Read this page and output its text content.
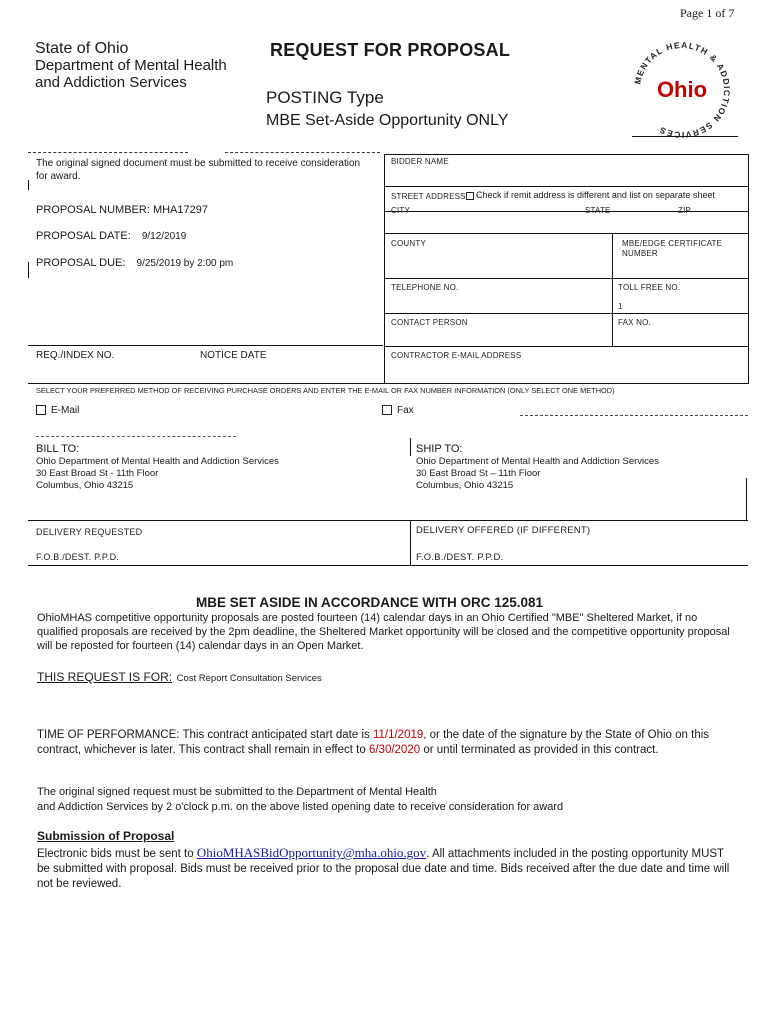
Page 1 of 7
State of Ohio
Department of Mental Health
and Addiction Services
REQUEST FOR PROPOSAL
POSTING Type
MBE Set-Aside Opportunity ONLY
MENTAL HEALTH & ADDICTION SERVICES
Ohio
The original signed document must be submitted to receive consideration for award.
PROPOSAL NUMBER: MHA17297
PROPOSAL DATE: 9/12/2019
PROPOSAL DUE: 9/25/2019 by 2:00 pm
REQ./INDEX NO.	NOTICE DATE
BIDDER NAME
STREET ADDRESS	Check if remit address is different and list on separate sheet
CITY	STATE	ZIP
COUNTY	MBE/EDGE CERTIFICATE
NUMBER
TELEPHONE NO.	TOLL FREE NO.
1
CONTACT PERSON	FAX NO.
CONTRACTOR E-MAIL ADDRESS
SELECT YOUR PREFERRED METHOD OF RECEIVING PURCHASE ORDERS AND ENTER THE E-MAIL OR FAX NUMBER INFORMATION (ONLY SELECT ONE METHOD)
E-Mail	Fax
BILL TO:
Ohio Department of Mental Health and Addiction Services
30 East Broad St - 11th Floor
Columbus, Ohio 43215
SHIP TO:
Ohio Department of Mental Health and Addiction Services
30 East Broad St – 11th Floor
Columbus, Ohio 43215
DELIVERY REQUESTED	DELIVERY OFFERED (IF DIFFERENT)
F.O.B./DEST. P.P.D.	F.O.B./DEST. P.P.D.
MBE SET ASIDE IN ACCORDANCE WITH ORC 125.081
OhioMHAS competitive opportunity proposals are posted fourteen (14) calendar days in an Ohio Certified "MBE" Sheltered Market, if no qualified proposals are received by the 2pm deadline, the Sheltered Market opportunity will be closed and the competitive opportunity proposal will be reposted for fourteen (14) calendar days in an Open Market.
THIS REQUEST IS FOR: Cost Report Consultation Services
TIME OF PERFORMANCE: This contract anticipated start date is 11/1/2019, or the date of the signature by the State of Ohio on this contract, whichever is later. This contract shall remain in effect to 6/30/2020 or until terminated as provided in this contract.
The original signed request must be submitted to the Department of Mental Health
and Addiction Services by 2 o'clock p.m. on the above listed opening date to receive consideration for award
Submission of Proposal
Electronic bids must be sent to OhioMHASBidOpportunity@mha.ohio.gov. All attachments included in the posting opportunity MUST be submitted with proposal. Bids must be received prior to the proposal due date and time. Bids received after the due date and time will not be reviewed.
